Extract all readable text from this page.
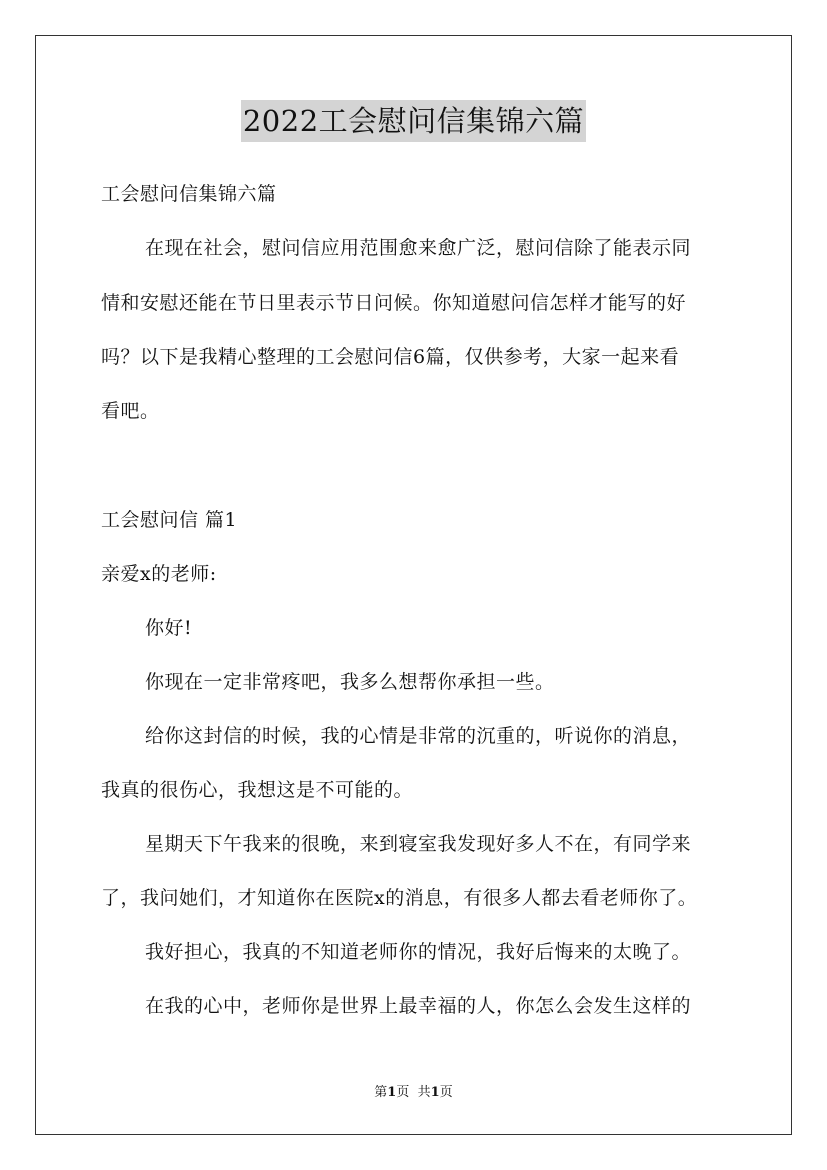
2022工会慰问信集锦六篇
工会慰问信集锦六篇
在现在社会，慰问信应用范围愈来愈广泛，慰问信除了能表示同
情和安慰还能在节日里表示节日问候。你知道慰问信怎样才能写的好
吗？以下是我精心整理的工会慰问信6篇，仅供参考，大家一起来看
看吧。
工会慰问信 篇1
亲爱x的老师:
你好!
你现在一定非常疼吧，我多么想帮你承担一些。
给你这封信的时候，我的心情是非常的沉重的，听说你的消息，
我真的很伤心，我想这是不可能的。
星期天下午我来的很晚，来到寝室我发现好多人不在，有同学来
了，我问她们，才知道你在医院x的消息，有很多人都去看老师你了。
我好担心，我真的不知道老师你的情况，我好后悔来的太晚了。
在我的心中，老师你是世界上最幸福的人，你怎么会发生这样的
第1页 共1页
